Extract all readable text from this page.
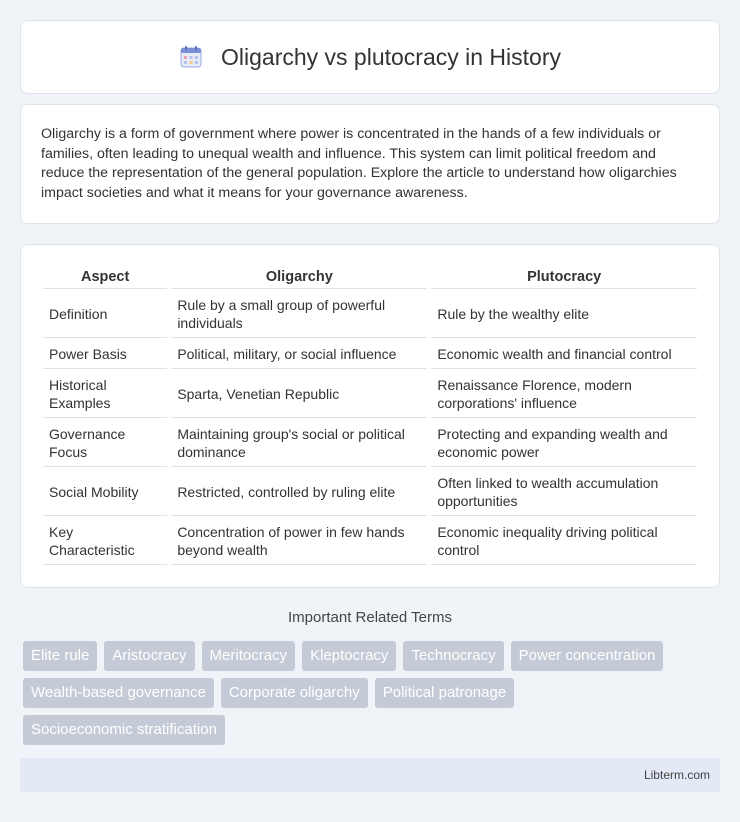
Oligarchy vs plutocracy in History

Oligarchy is a form of government where power is concentrated in the hands of a few individuals or families, often leading to unequal wealth and influence. This system can limit political freedom and reduce the representation of the general population. Explore the article to understand how oligarchies impact societies and what it means for your governance awareness.

Aspect	Oligarchy	Plutocracy
Definition	Rule by a small group of powerful individuals	Rule by the wealthy elite
Power Basis	Political, military, or social influence	Economic wealth and financial control
Historical Examples	Sparta, Venetian Republic	Renaissance Florence, modern corporations' influence
Governance Focus	Maintaining group's social or political dominance	Protecting and expanding wealth and economic power
Social Mobility	Restricted, controlled by ruling elite	Often linked to wealth accumulation opportunities
Key Characteristic	Concentration of power in few hands beyond wealth	Economic inequality driving political control
Important Related Terms
Elite rule	Aristocracy	Meritocracy	Kleptocracy	Technocracy	Power concentration
Wealth-based governance	Corporate oligarchy	Political patronage
Socioeconomic stratification
Libterm.com
